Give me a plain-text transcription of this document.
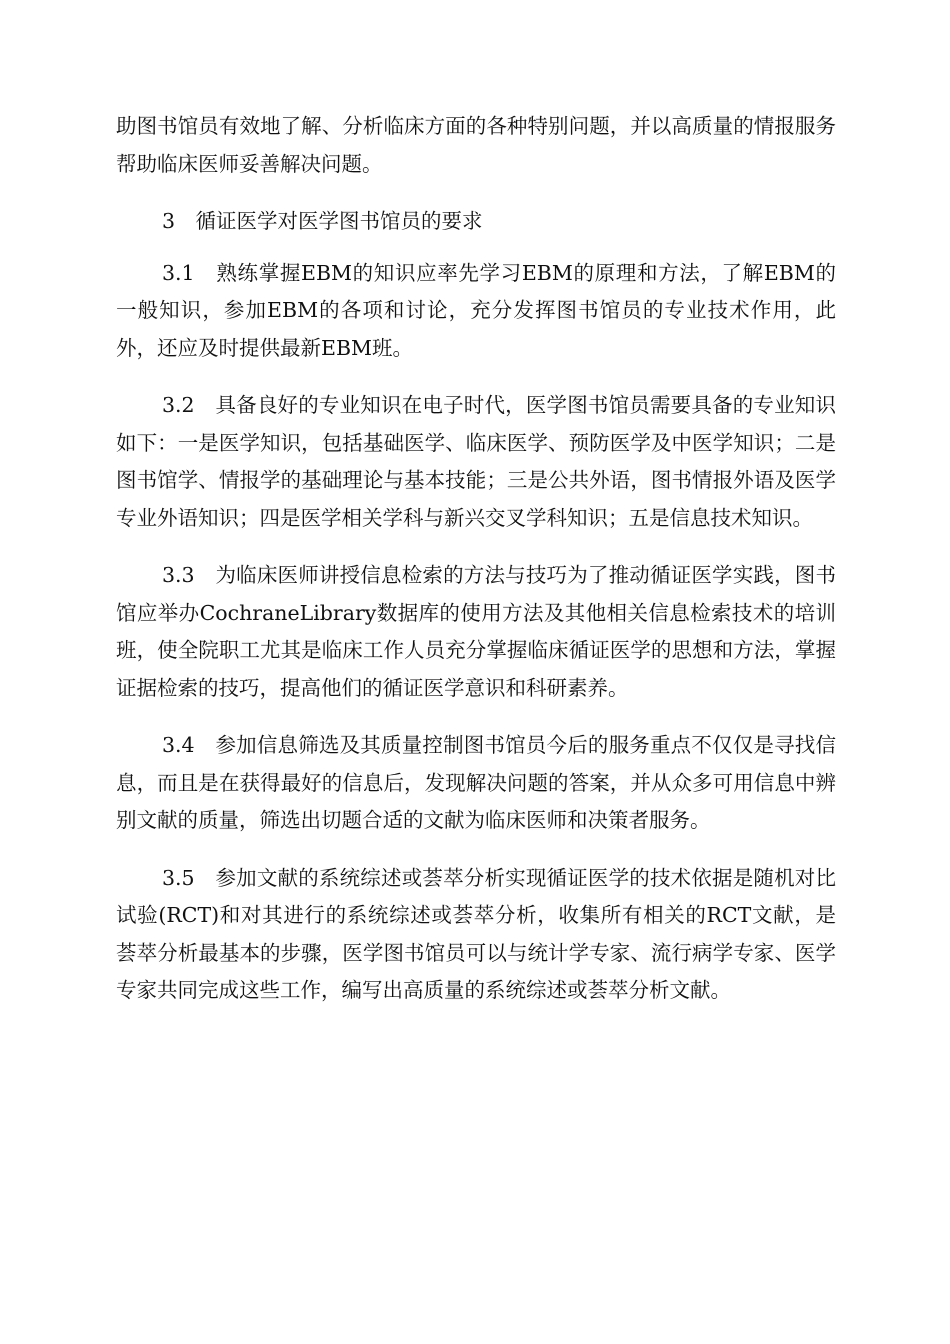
助图书馆员有效地了解、分析临床方面的各种特别问题，并以高质量的情报服务帮助临床医师妥善解决问题。

3　循证医学对医学图书馆员的要求

3.1　熟练掌握EBM的知识应率先学习EBM的原理和方法，了解EBM的一般知识，参加EBM的各项和讨论，充分发挥图书馆员的专业技术作用，此外，还应及时提供最新EBM班。

3.2　具备良好的专业知识在电子时代，医学图书馆员需要具备的专业知识如下：一是医学知识，包括基础医学、临床医学、预防医学及中医学知识；二是图书馆学、情报学的基础理论与基本技能；三是公共外语，图书情报外语及医学专业外语知识；四是医学相关学科与新兴交叉学科知识；五是信息技术知识。

3.3　为临床医师讲授信息检索的方法与技巧为了推动循证医学实践，图书馆应举办CochraneLibrary数据库的使用方法及其他相关信息检索技术的培训班，使全院职工尤其是临床工作人员充分掌握临床循证医学的思想和方法，掌握证据检索的技巧，提高他们的循证医学意识和科研素养。

3.4　参加信息筛选及其质量控制图书馆员今后的服务重点不仅仅是寻找信息，而且是在获得最好的信息后，发现解决问题的答案，并从众多可用信息中辨别文献的质量，筛选出切题合适的文献为临床医师和决策者服务。

3.5　参加文献的系统综述或荟萃分析实现循证医学的技术依据是随机对比试验(RCT)和对其进行的系统综述或荟萃分析，收集所有相关的RCT文献，是荟萃分析最基本的步骤，医学图书馆员可以与统计学专家、流行病学专家、医学专家共同完成这些工作，编写出高质量的系统综述或荟萃分析文献。
